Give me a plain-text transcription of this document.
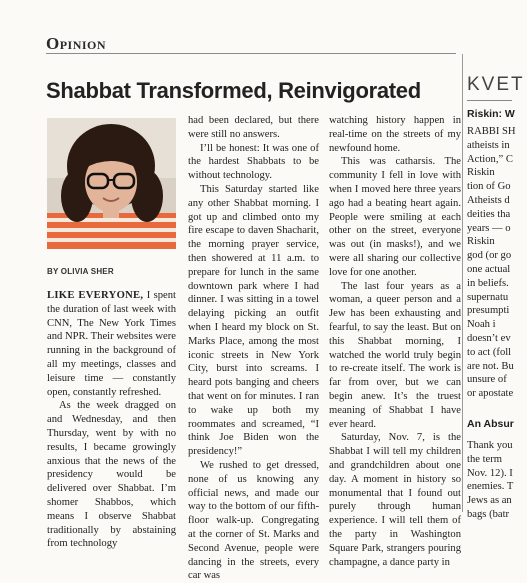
Opinion
Shabbat Transformed, Reinvigorated
BY OLIVIA SHER

LIKE EVERYONE, I spent the duration of last week with CNN, The New York Times and NPR. Their websites were running in the background of all my meetings, classes and leisure time — constantly open, constantly refreshed.

As the week dragged on and Wednesday, and then Thursday, went by with no results, I became growingly anxious that the news of the presidency would be delivered over Shabbat. I’m shomer Shabbos, which means I observe Shabbat traditionally by abstaining from technology

had been declared, but there were still no answers.

I’ll be honest: It was one of the hardest Shabbats to be without technology.

This Saturday started like any other Shabbat morning. I got up and climbed onto my fire escape to daven Shacharit, the morning prayer service, then showered at 11 a.m. to prepare for lunch in the same downtown park where I had dinner. I was sitting in a towel delaying picking an outfit when I heard my block on St. Marks Place, among the most iconic streets in New York City, burst into screams. I heard pots banging and cheers that went on for minutes. I ran to wake up both my roommates and screamed, “I think Joe Biden won the presidency!”

We rushed to get dressed, none of us knowing any official news, and made our way to the bottom of our fifth-floor walk-up. Congregating at the corner of St. Marks and Second Avenue, people were dancing in the streets, every car was

watching history happen in real-time on the streets of my newfound home.

This was catharsis. The community I fell in love with when I moved here three years ago had a beating heart again. People were smiling at each other on the street, everyone was out (in masks!), and we were all sharing our collective love for one another.

The last four years as a woman, a queer person and a Jew has been exhausting and fearful, to say the least. But on this Shabbat morning, I watched the world truly begin to re-create itself. The work is far from over, but we can begin anew. It’s the truest meaning of Shabbat I have ever heard.

Saturday, Nov. 7, is the Shabbat I will tell my children and grandchildren about one day. A moment in history so monumental that I found out purely through human experience. I will tell them of the party in Washington Square Park, strangers pouring champagne, a dance party in

KVET
Riskin: W
RABBI SH
atheists in
Action,” C
Riskin
tion of Go
Atheists d
deities tha
years — o
Riskin
god (or go
one actual
in beliefs.
supernatu
presumpti
Noah i
doesn’t ev
to act (foll
are not. Bu
unsure of
or apostate
An Absur
Thank you
the term
Nov. 12). I
enemies. T
Jews as an
bags (batr
